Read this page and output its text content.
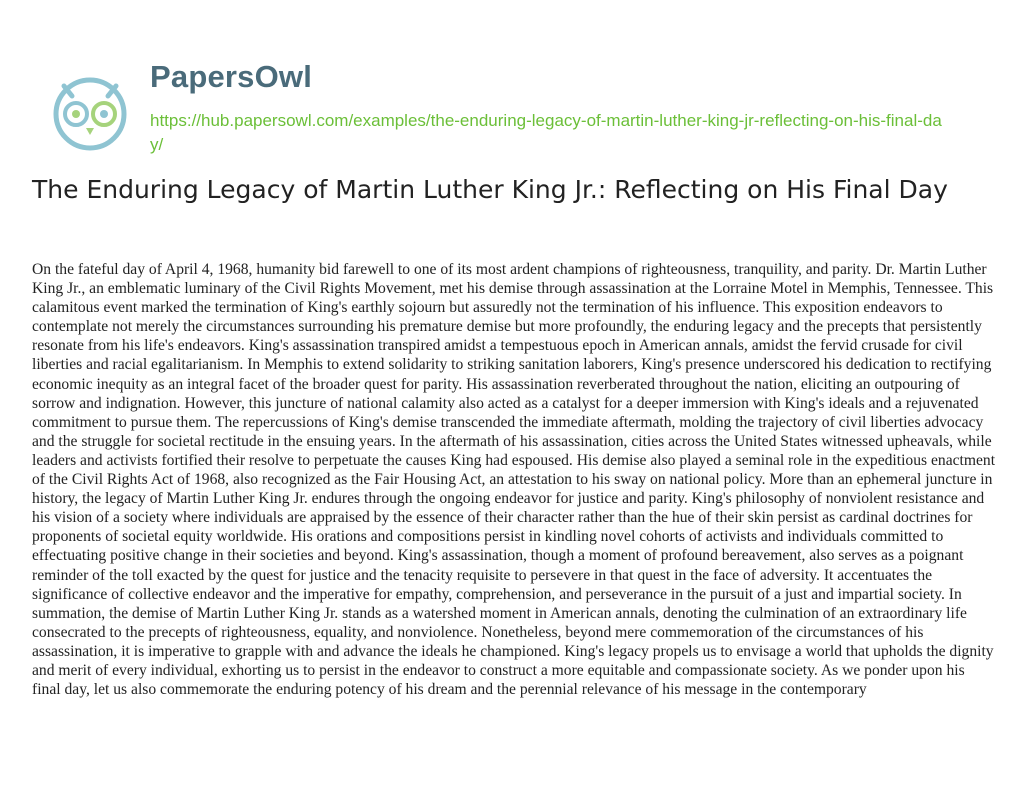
PapersOwl
https://hub.papersowl.com/examples/the-enduring-legacy-of-martin-luther-king-jr-reflecting-on-his-final-day/
The Enduring Legacy of Martin Luther King Jr.: Reflecting on His Final Day

On the fateful day of April 4, 1968, humanity bid farewell to one of its most ardent champions of righteousness, tranquility, and parity. Dr. Martin Luther King Jr., an emblematic luminary of the Civil Rights Movement, met his demise through assassination at the Lorraine Motel in Memphis, Tennessee. This calamitous event marked the termination of King's earthly sojourn but assuredly not the termination of his influence. This exposition endeavors to contemplate not merely the circumstances surrounding his premature demise but more profoundly, the enduring legacy and the precepts that persistently resonate from his life's endeavors. King's assassination transpired amidst a tempestuous epoch in American annals, amidst the fervid crusade for civil liberties and racial egalitarianism. In Memphis to extend solidarity to striking sanitation laborers, King's presence underscored his dedication to rectifying economic inequity as an integral facet of the broader quest for parity. His assassination reverberated throughout the nation, eliciting an outpouring of sorrow and indignation. However, this juncture of national calamity also acted as a catalyst for a deeper immersion with King's ideals and a rejuvenated commitment to pursue them. The repercussions of King's demise transcended the immediate aftermath, molding the trajectory of civil liberties advocacy and the struggle for societal rectitude in the ensuing years. In the aftermath of his assassination, cities across the United States witnessed upheavals, while leaders and activists fortified their resolve to perpetuate the causes King had espoused. His demise also played a seminal role in the expeditious enactment of the Civil Rights Act of 1968, also recognized as the Fair Housing Act, an attestation to his sway on national policy. More than an ephemeral juncture in history, the legacy of Martin Luther King Jr. endures through the ongoing endeavor for justice and parity. King's philosophy of nonviolent resistance and his vision of a society where individuals are appraised by the essence of their character rather than the hue of their skin persist as cardinal doctrines for proponents of societal equity worldwide. His orations and compositions persist in kindling novel cohorts of activists and individuals committed to effectuating positive change in their societies and beyond. King's assassination, though a moment of profound bereavement, also serves as a poignant reminder of the toll exacted by the quest for justice and the tenacity requisite to persevere in that quest in the face of adversity. It accentuates the significance of collective endeavor and the imperative for empathy, comprehension, and perseverance in the pursuit of a just and impartial society. In summation, the demise of Martin Luther King Jr. stands as a watershed moment in American annals, denoting the culmination of an extraordinary life consecrated to the precepts of righteousness, equality, and nonviolence. Nonetheless, beyond mere commemoration of the circumstances of his assassination, it is imperative to grapple with and advance the ideals he championed. King's legacy propels us to envisage a world that upholds the dignity and merit of every individual, exhorting us to persist in the endeavor to construct a more equitable and compassionate society. As we ponder upon his final day, let us also commemorate the enduring potency of his dream and the perennial relevance of his message in the contemporary
